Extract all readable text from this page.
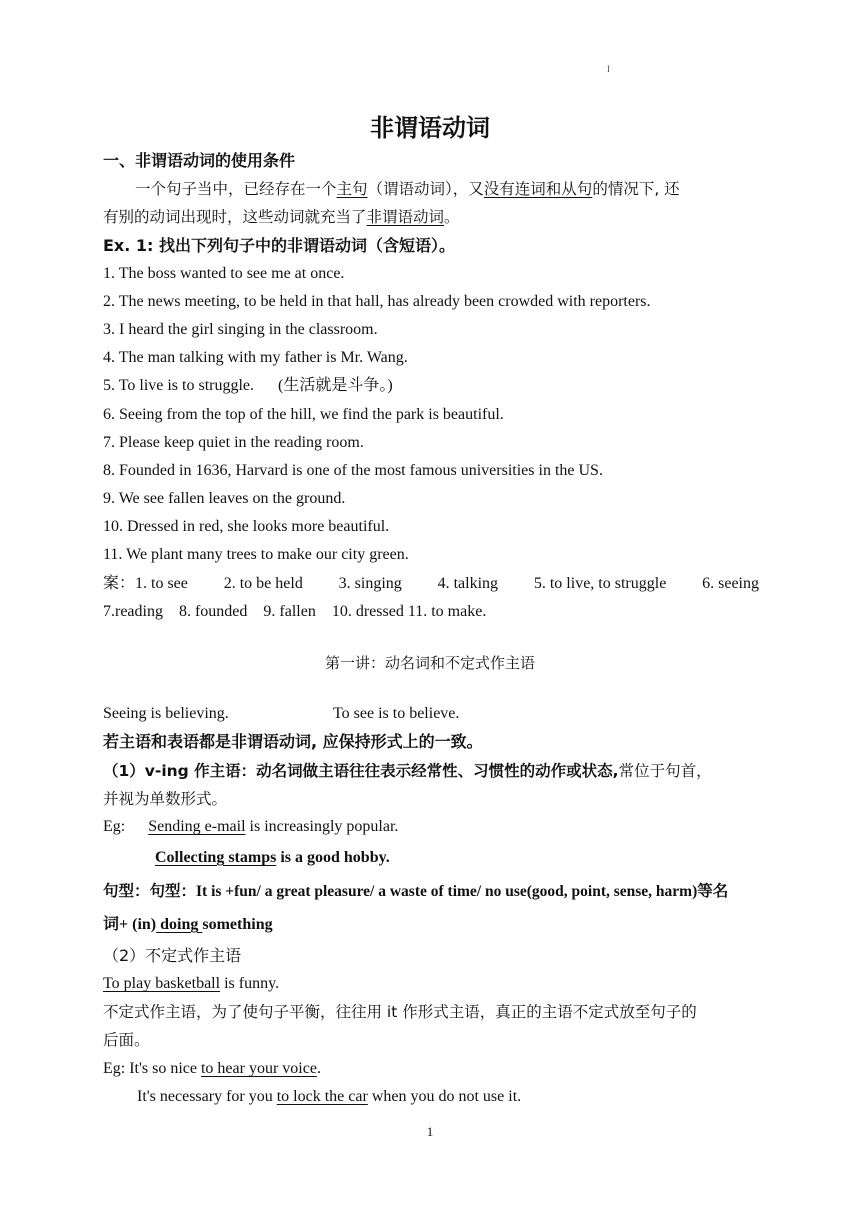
I
非谓语动词
一、非谓语动词的使用条件
一个句子当中，已经存在一个主句（谓语动词），又没有连词和从句的情况下, 还
有别的动词出现时，这些动词就充当了非谓语动词。
Ex. 1: 找出下列句子中的非谓语动词（含短语）。
1. The boss wanted to see me at once.
2. The news meeting, to be held in that hall, has already been crowded with reporters.
3. I heard the girl singing in the classroom.
4. The man talking with my father is Mr. Wang.
5. To live is to struggle.      (生活就是斗争。)
6. Seeing from the top of the hill, we find the park is beautiful.
7. Please keep quiet in the reading room.
8. Founded in 1636, Harvard is one of the most famous universities in the US.
9. We see fallen leaves on the ground.
10. Dressed in red, she looks more beautiful.
11. We plant many trees to make our city green.
案：1. to see 2. to be held 3. singing 4. talking 5. to live, to struggle 6. seeing
7.reading    8. founded    9. fallen    10. dressed 11. to make.
第一讲：动名词和不定式作主语
Seeing is believing.	To see is to believe.
若主语和表语都是非谓语动词, 应保持形式上的一致。
（1）v-ing 作主语：动名词做主语往往表示经常性、习惯性的动作或状态,常位于句首，
并视为单数形式。
Eg: Sending e-mail is increasingly popular.
Collecting stamps is a good hobby.
句型：句型：It is +fun/ a great pleasure/ a waste of time/ no use(good, point, sense, harm)等名
词+ (in) doing something
（2）不定式作主语
To play basketball is funny.
不定式作主语，为了使句子平衡，往往用 it 作形式主语，真正的主语不定式放至句子的
后面。
Eg: It's so nice to hear your voice.
It's necessary for you to lock the car when you do not use it.
1
